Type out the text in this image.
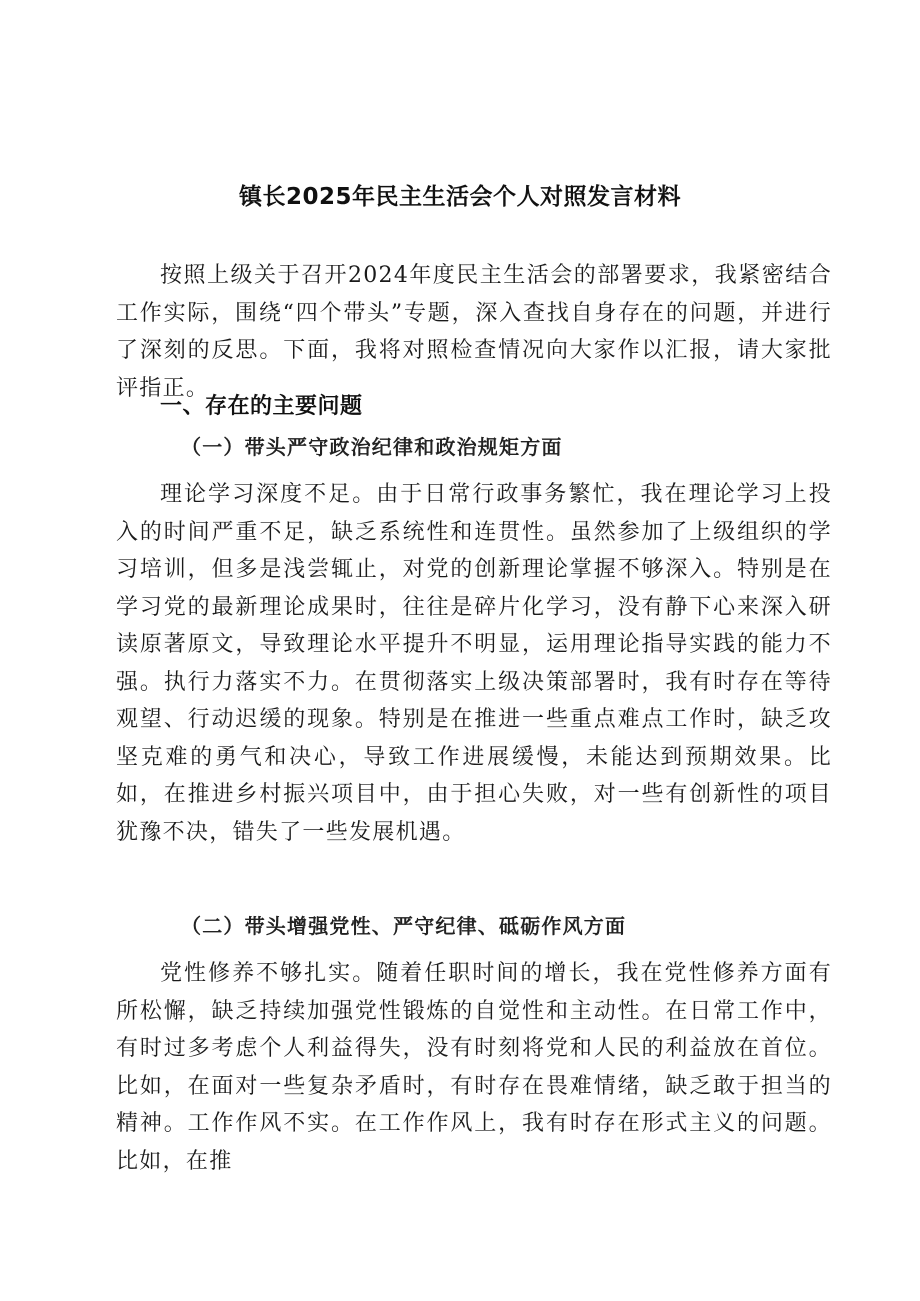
镇长2025年民主生活会个人对照发言材料

按照上级关于召开2024年度民主生活会的部署要求，我紧密结合工作实际，围绕“四个带头”专题，深入查找自身存在的问题，并进行了深刻的反思。下面，我将对照检查情况向大家作以汇报，请大家批评指正。

一、存在的主要问题
（一）带头严守政治纪律和政治规矩方面

理论学习深度不足。由于日常行政事务繁忙，我在理论学习上投入的时间严重不足，缺乏系统性和连贯性。虽然参加了上级组织的学习培训，但多是浅尝辄止，对党的创新理论掌握不够深入。特别是在学习党的最新理论成果时，往往是碎片化学习，没有静下心来深入研读原著原文，导致理论水平提升不明显，运用理论指导实践的能力不强。执行力落实不力。在贯彻落实上级决策部署时，我有时存在等待观望、行动迟缓的现象。特别是在推进一些重点难点工作时，缺乏攻坚克难的勇气和决心，导致工作进展缓慢，未能达到预期效果。比如，在推进乡村振兴项目中，由于担心失败，对一些有创新性的项目犹豫不决，错失了一些发展机遇。

（二）带头增强党性、严守纪律、砥砺作风方面

党性修养不够扎实。随着任职时间的增长，我在党性修养方面有所松懈，缺乏持续加强党性锻炼的自觉性和主动性。在日常工作中，有时过多考虑个人利益得失，没有时刻将党和人民的利益放在首位。比如，在面对一些复杂矛盾时，有时存在畏难情绪，缺乏敢于担当的精神。工作作风不实。在工作作风上，我有时存在形式主义的问题。比如，在推
